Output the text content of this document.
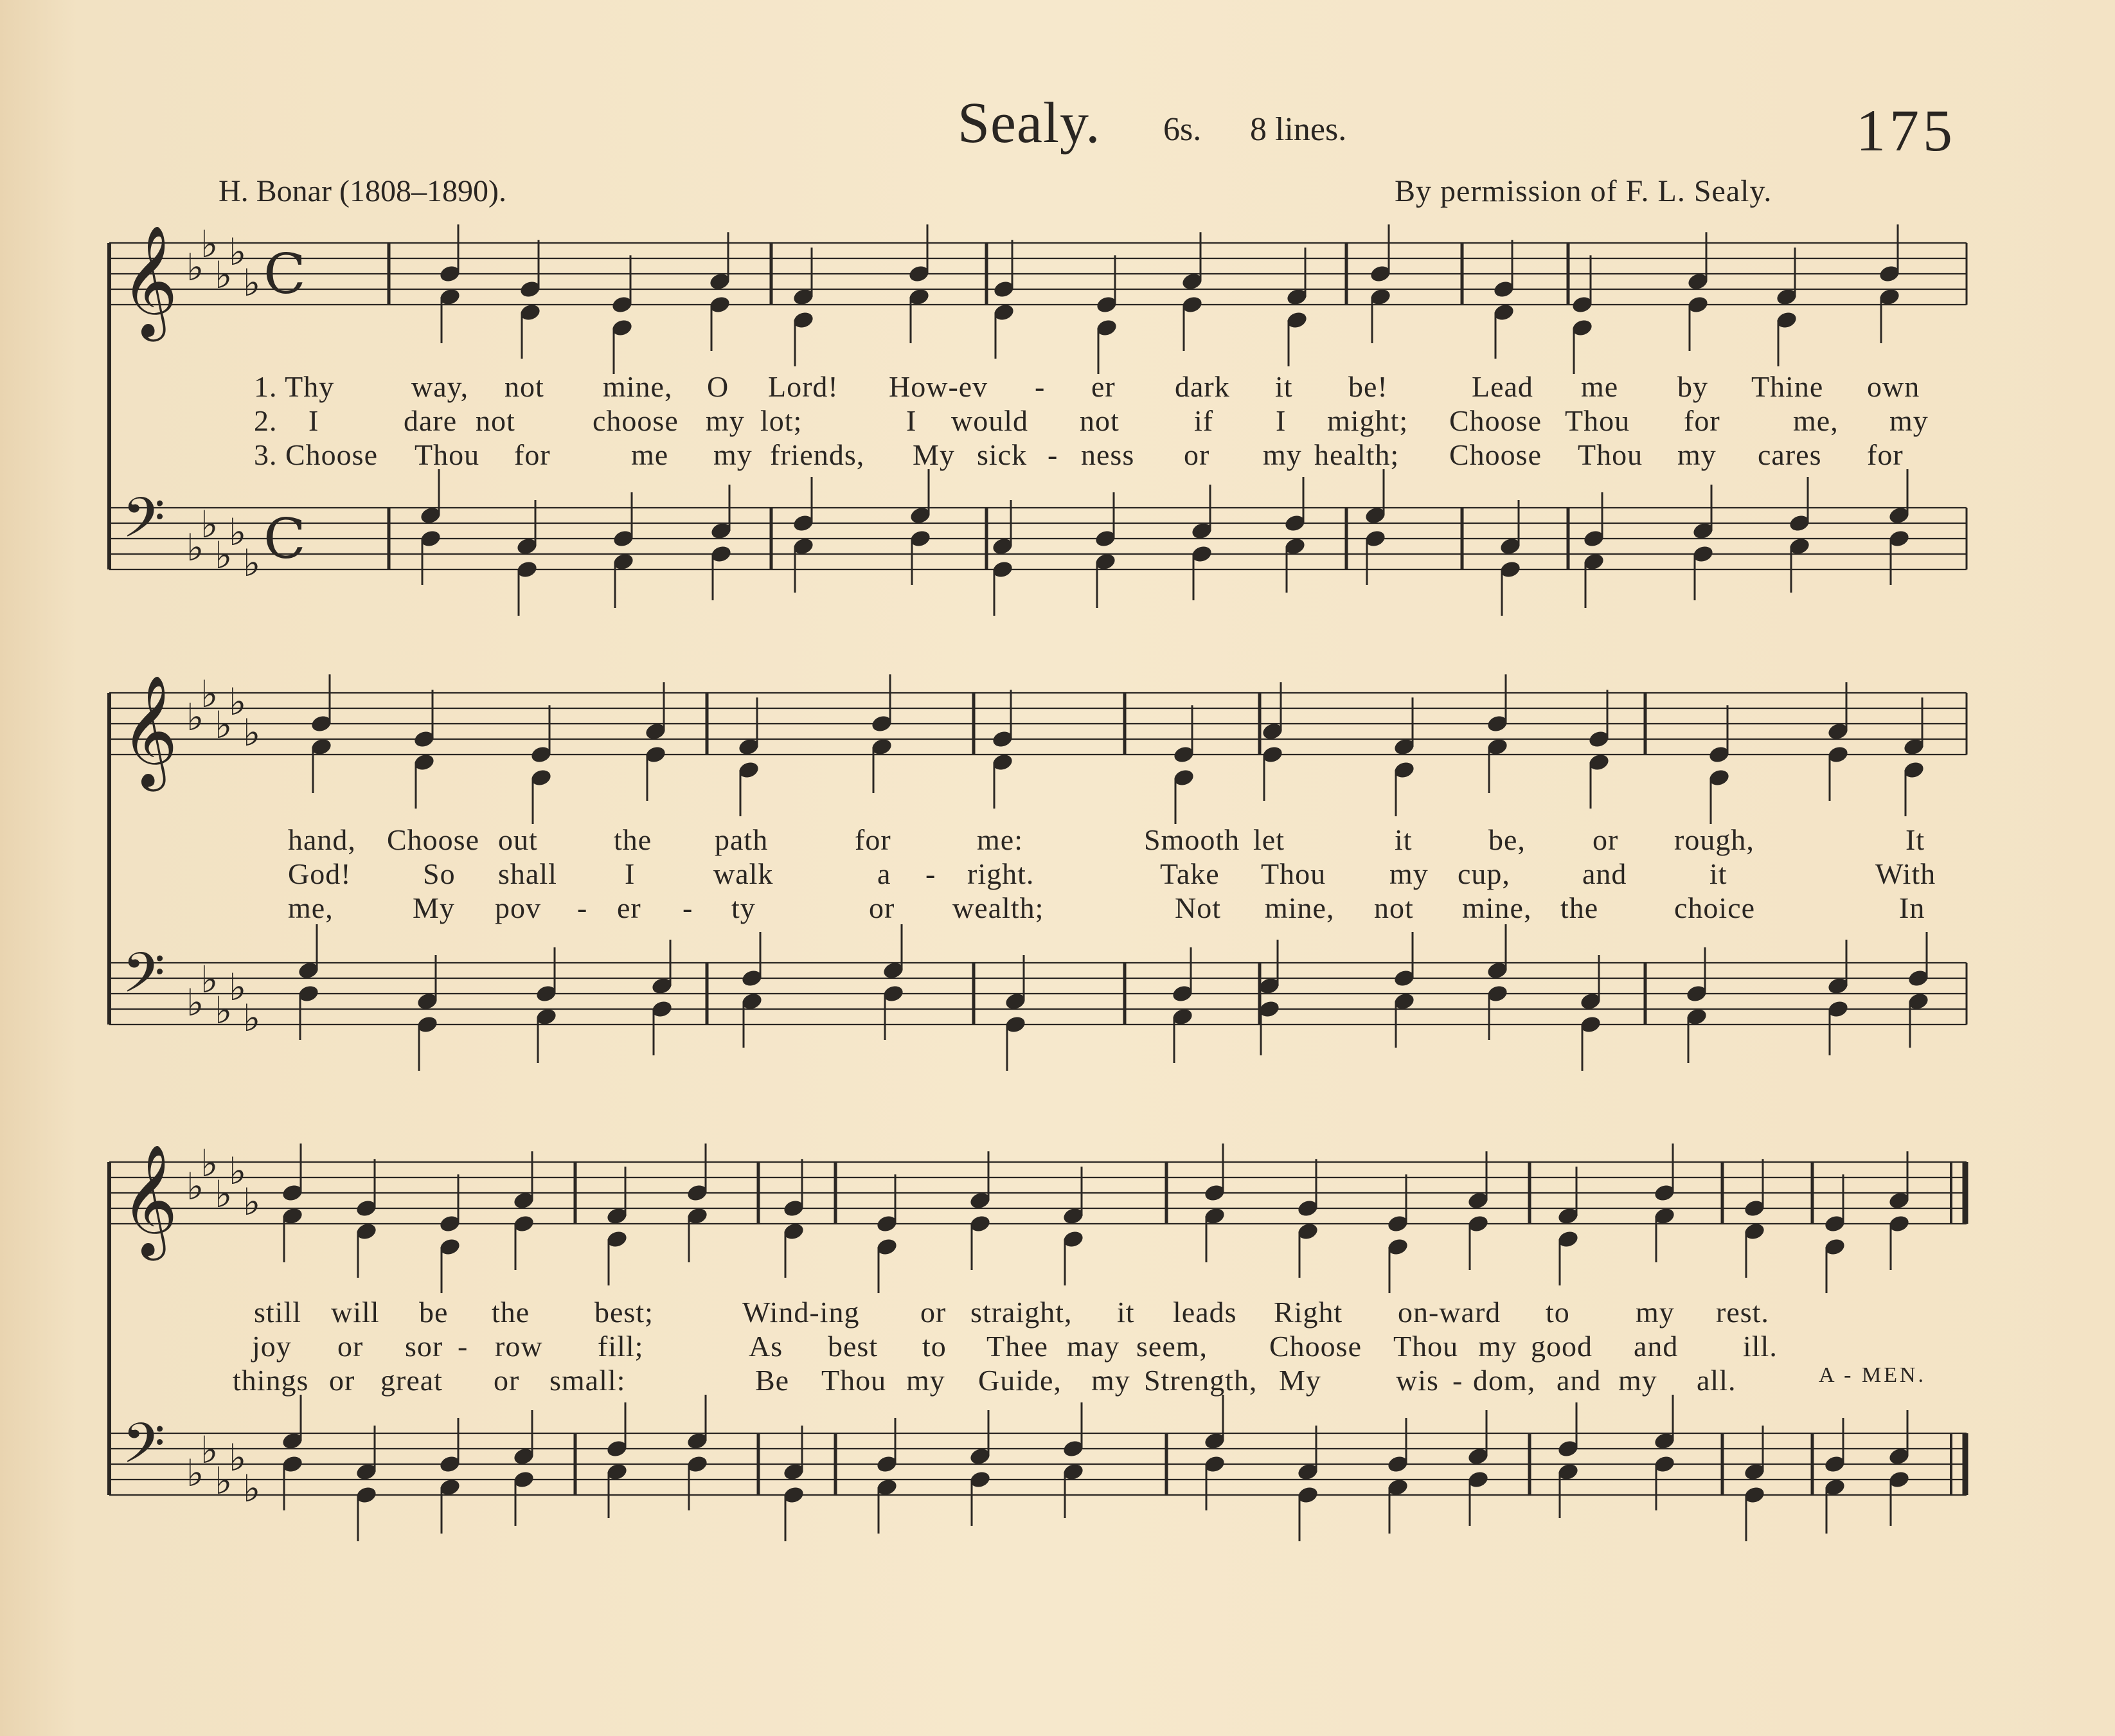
Sealy. 6s. 8 lines.	175
H. Bonar (1808–1890).	By permission of F. L. Sealy.
𝄞
𝄢
♭
♭
♭
♭
♭
♭
♭
♭
♭
♭
C
C
𝄞
𝄢
♭
♭
♭
♭
♭
♭
♭
♭
♭
♭
𝄞
𝄢
♭
♭
♭
♭
♭
♭
♭
♭
♭
♭
1. Thy	way, not mine, O Lord! How-ev - er dark it be!	Lead me by Thine own
2. I	dare not	choose my lot;	I would not	if I might; Choose Thou for me, my
3. Choose Thou for	me my friends, My sick - ness or my health; Choose Thou my cares for
hand, Choose out	the path	for	me:	Smooth let	it	be, or rough,	It
God! So shall I	walk	a - right.	Take Thou my cup, and	it	With
me,	My pov - er - ty	or wealth;	Not mine, not mine, the	choice	In
still will be the best;	Wind-ing or straight, it leads Right on-ward to my rest.
joy or sor - row fill;	As best to Thee may seem, Choose Thou my good and ill.
things or great or small:	Be Thou my Guide, my Strength, My	wis - dom, and my all.	A - MEN.
